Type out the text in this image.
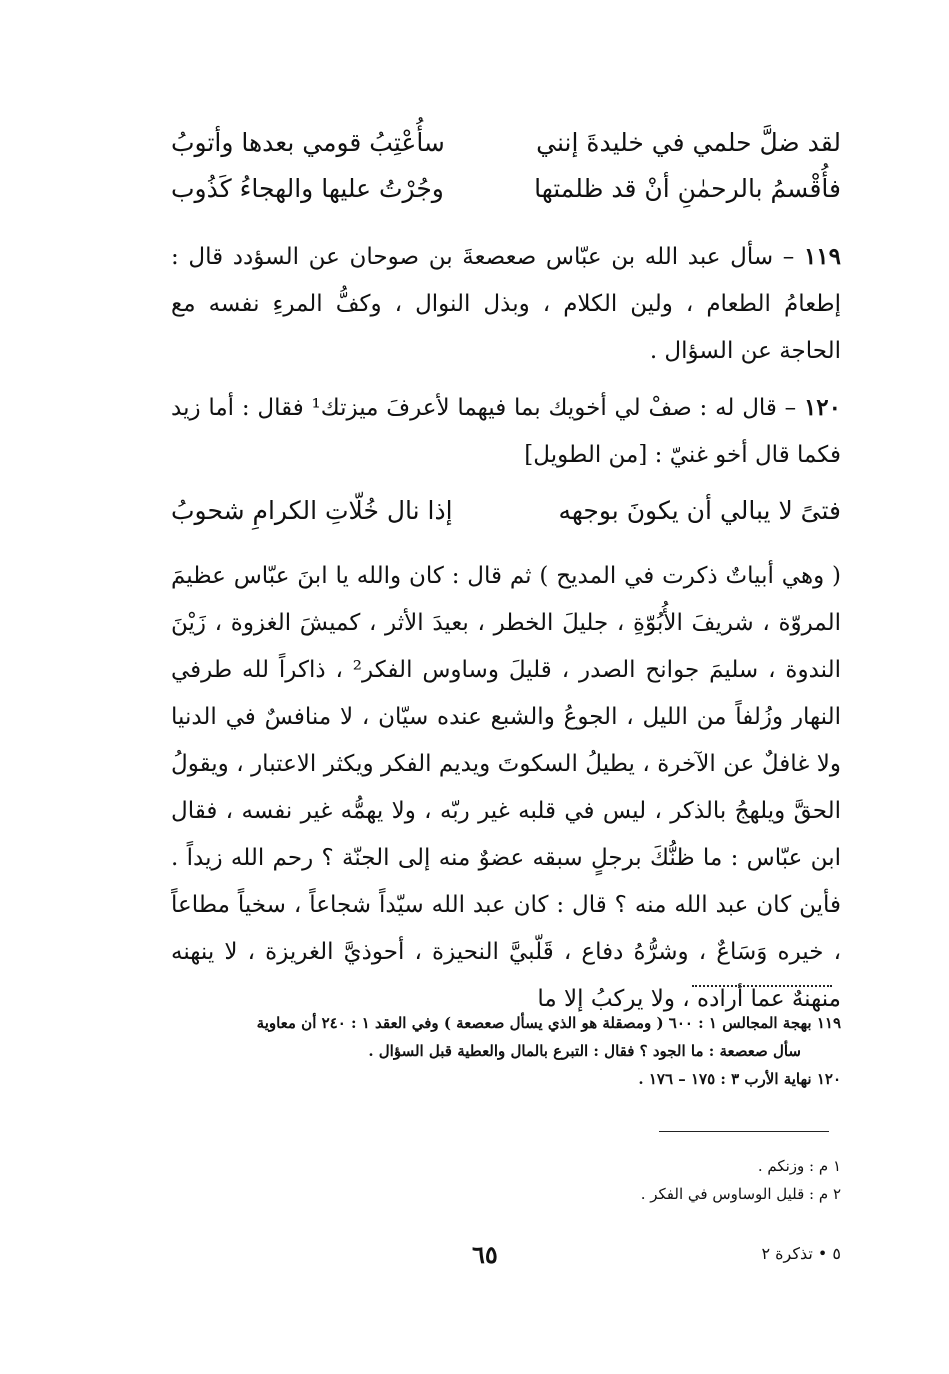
لقد ضلَّ حلمي في خليدةَ إنني
سأُعْتِبُ قومي بعدها وأتوبُ
فأُقْسمُ بالرحمٰنِ أنْ قد ظلمتها
وجُرْتُ عليها والهجاءُ كَذُوب
١١٩ – سأل عبد الله بن عبّاس صعصعةَ بن صوحان عن السؤدد قال : إطعامُ الطعام ، ولين الكلام ، وبذل النوال ، وكفُّ المرءِ نفسه مع الحاجة عن السؤال .
١٢٠ – قال له : صفْ لي أخويك بما فيهما لأعرفَ ميزتك¹ فقال : أما زيد فكما قال أخو غنيّ : [من الطويل]
فتىً لا يبالي أن يكونَ بوجهه
إذا نال خُلّاتِ الكرامِ شحوبُ
( وهي أبياتٌ ذكرت في المديح ) ثم قال : كان والله يا ابنَ عبّاس عظيمَ المروّة ، شريفَ الأُبُوّةِ ، جليلَ الخطر ، بعيدَ الأثر ، كميشَ الغزوة ، زَيْنَ الندوة ، سليمَ جوانح الصدر ، قليلَ وساوس الفكر² ، ذاكراً لله طرفي النهار وزُلفاً من الليل ، الجوعُ والشبع عنده سيّان ، لا منافسٌ في الدنيا ولا غافلٌ عن الآخرة ، يطيلُ السكوتَ ويديم الفكر ويكثر الاعتبار ، ويقولُ الحقَّ ويلهجُ بالذكر ، ليس في قلبه غير ربّه ، ولا يهمُّه غير نفسه ، فقال ابن عبّاس : ما ظنُّكَ برجلٍ سبقه عضوٌ منه إلى الجنّة ؟ رحم الله زيداً . فأين كان عبد الله منه ؟ قال : كان عبد الله سيّداً شجاعاً ، سخياً مطاعاً ، خيره وَسَاعٌ ، وشرُّهُ دفاع ، قَلّبيَّ النحيزة ، أحوذيَّ الغريزة ، لا ينهنه منهنهٌ عما أراده ، ولا يركبُ إلا ما
١١٩ بهجة المجالس ١ : ٦٠٠ ( ومصقلة هو الذي يسأل صعصعة ) وفي العقد ١ : ٢٤٠ أن معاوية
سأل صعصعة : ما الجود ؟ فقال : التبرع بالمال والعطية قبل السؤال .
١٢٠ نهاية الأرب ٣ : ١٧٥ – ١٧٦ .
١ م : وزنكم .
٢ م : قليل الوساوس في الفكر .
٦٥	٥ • تذكرة ٢
